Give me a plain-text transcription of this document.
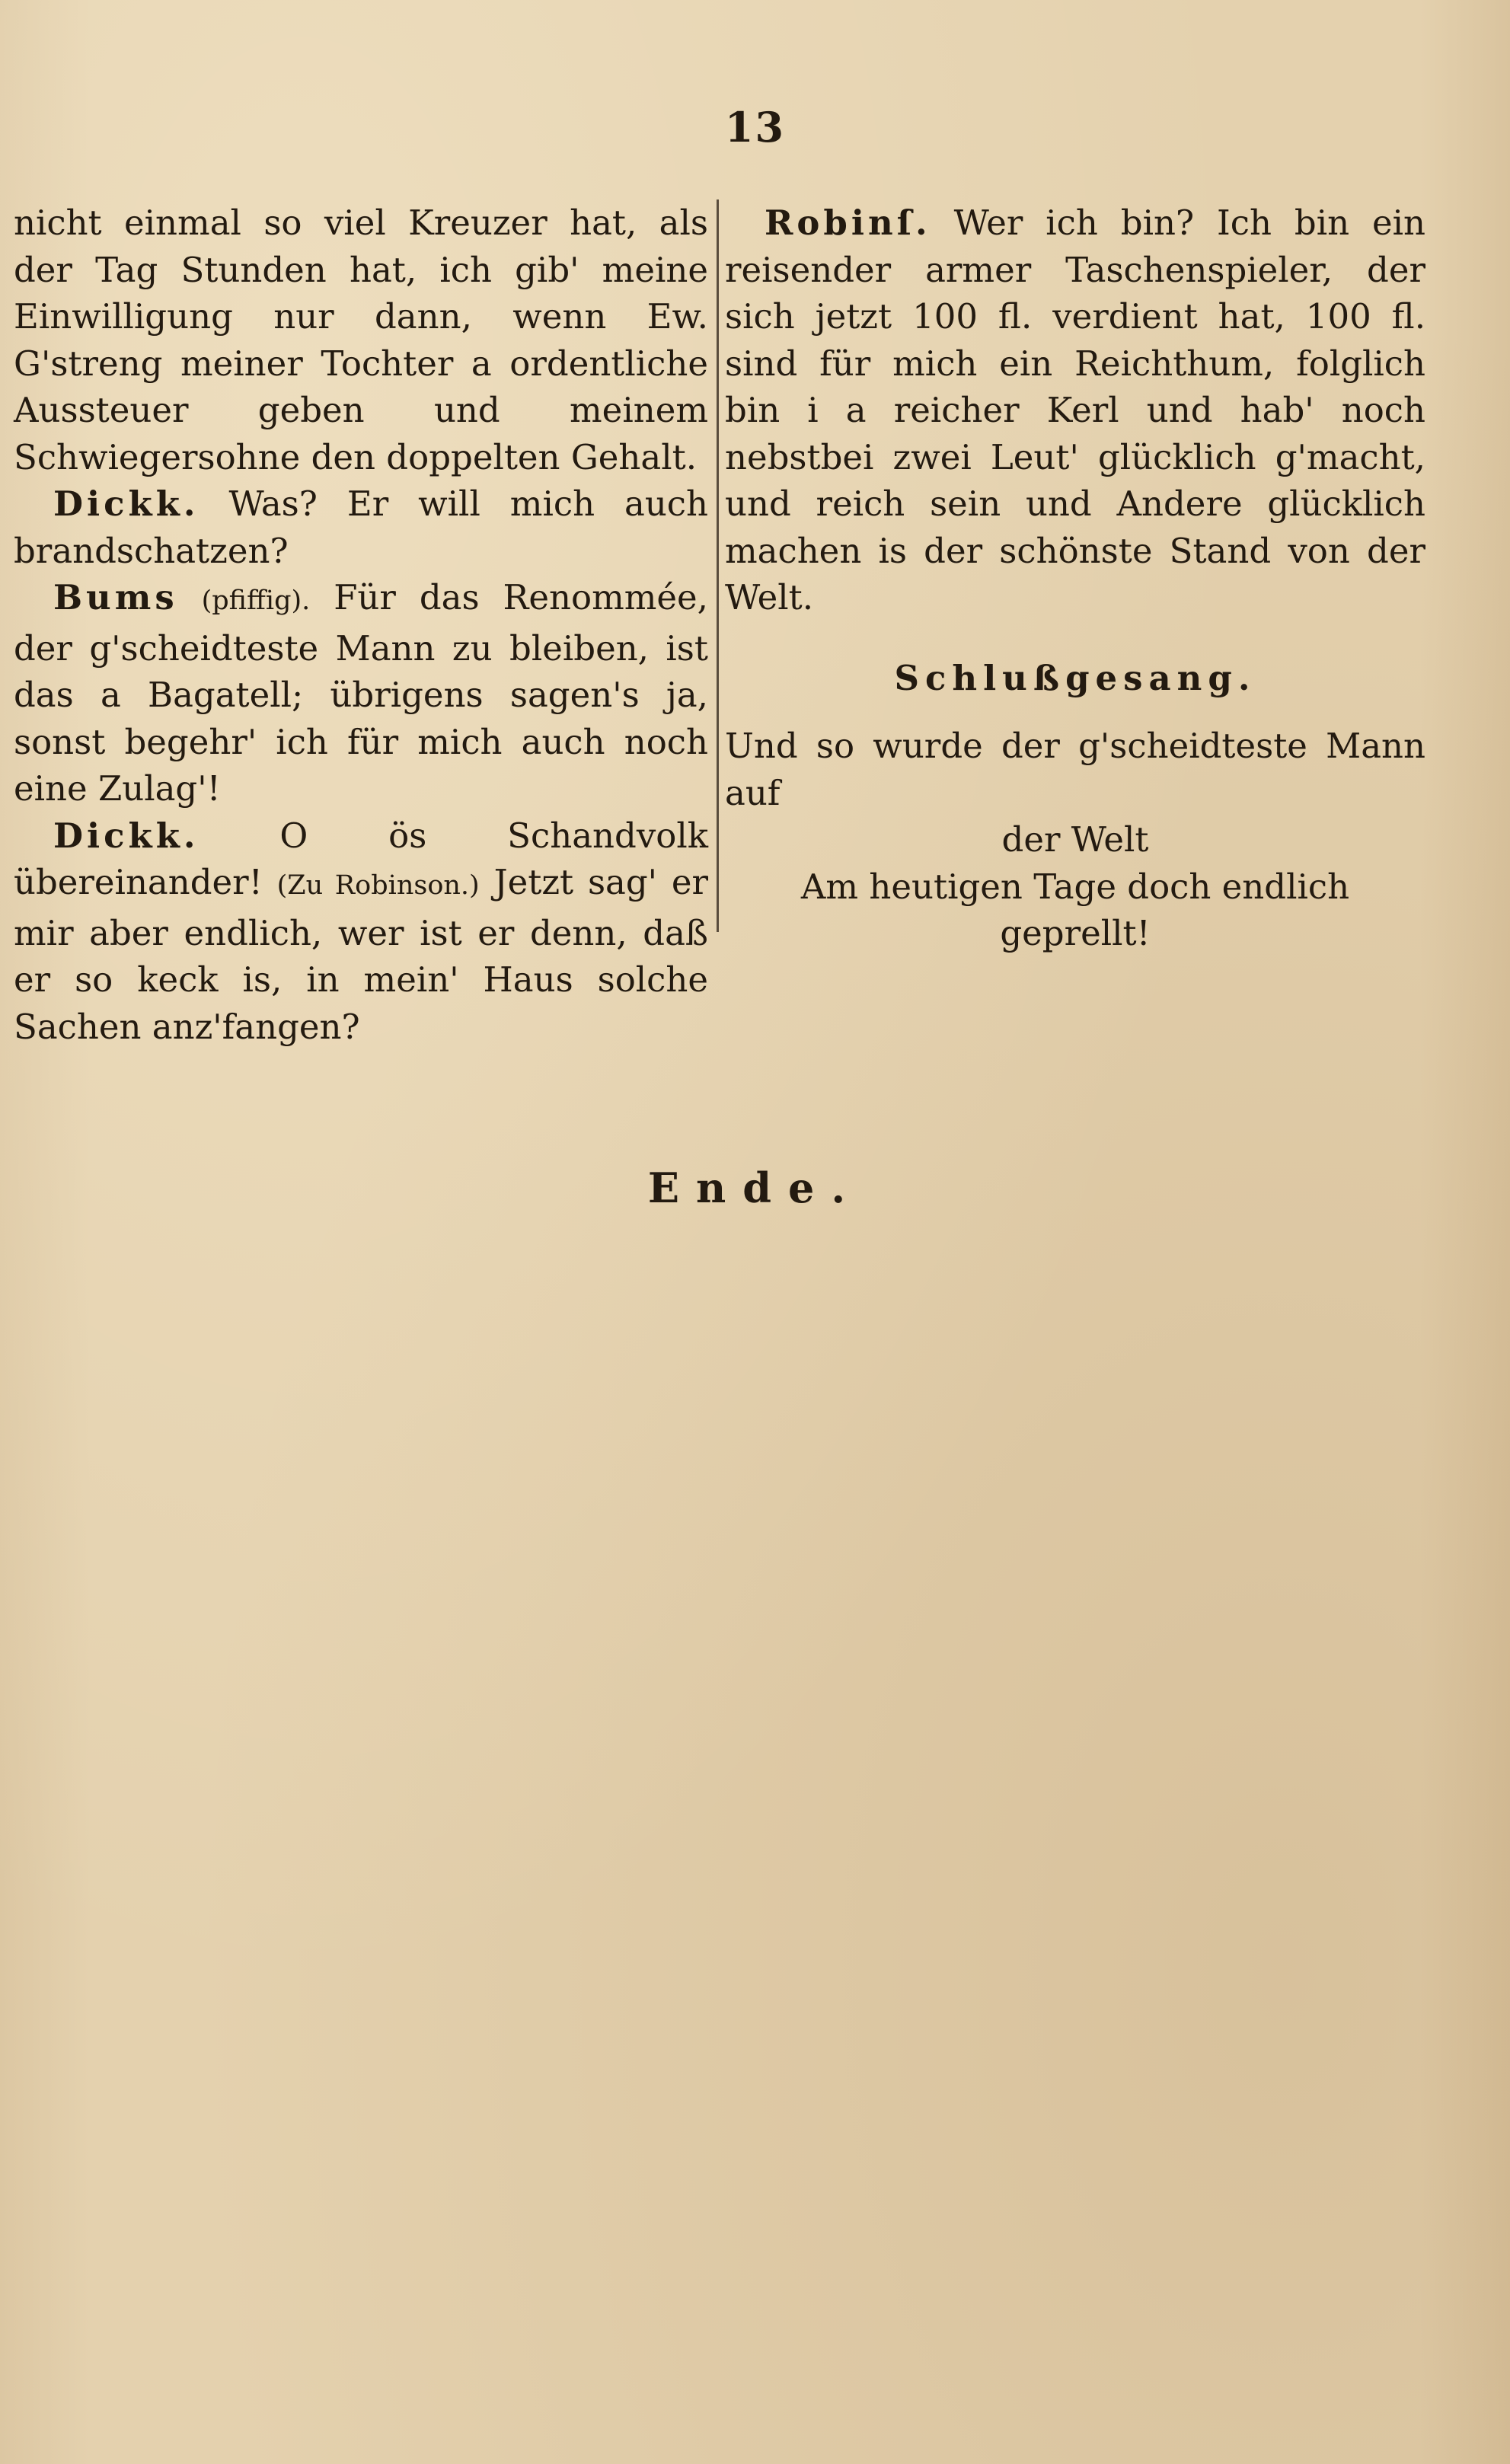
13

nicht einmal so viel Kreuzer hat, als der Tag Stunden hat, ich gib' meine Einwilligung nur dann, wenn Ew. G'streng meiner Tochter a ordentliche Aussteuer geben und meinem Schwiegersohne den doppelten Gehalt.

Dickk. Was? Er will mich auch brandschatzen?

Bums (pfiffig). Für das Renommée, der g'scheidteste Mann zu bleiben, ist das a Bagatell; übrigens sagen's ja, sonst begehr' ich für mich auch noch eine Zulag'!

Dickk. O ös Schandvolk übereinander! (Zu Robinson.) Jetzt sag' er mir aber endlich, wer ist er denn, daß er so keck is, in mein' Haus solche Sachen anz'fangen?

Robinſ. Wer ich bin? Ich bin ein reisender armer Taschenspieler, der sich jetzt 100 fl. verdient hat, 100 fl. sind für mich ein Reichthum, folglich bin i a reicher Kerl und hab' noch nebstbei zwei Leut' glücklich g'macht, und reich sein und Andere glücklich machen is der schönste Stand von der Welt.

Schlußgesang.

Und so wurde der g'scheidteste Mann auf

der Welt

Am heutigen Tage doch endlich geprellt!

Ende.
